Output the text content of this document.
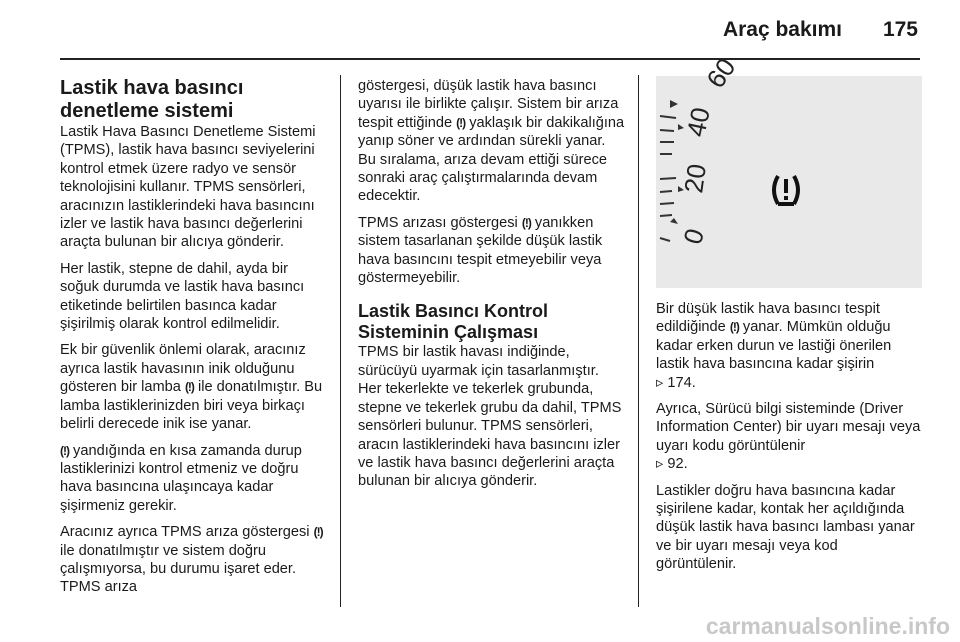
Araç bakımı 175
Lastik hava basıncı
denetleme sistemi

Lastik Hava Basıncı Denetleme Sistemi (TPMS), lastik hava basıncı seviyelerini kontrol etmek üzere radyo ve sensör teknolojisini kullanır. TPMS sensörleri, aracınızın lastiklerindeki hava basıncını izler ve lastik hava basıncı değerlerini araçta bulunan bir alıcıya gönderir.

Her lastik, stepne de dahil, ayda bir soğuk durumda ve lastik hava basıncı etiketinde belirtilen basınca kadar şişirilmiş olarak kontrol edilmelidir.

Ek bir güvenlik önlemi olarak, aracınız ayrıca lastik havasının inik olduğunu gösteren bir lamba (!) ile donatılmıştır. Bu lamba lastiklerinizden biri veya birkaçı belirli derecede inik ise yanar.

(!) yandığında en kısa zamanda durup lastiklerinizi kontrol etmeniz ve doğru hava basıncına ulaşıncaya kadar şişirmeniz gerekir.

Aracınız ayrıca TPMS arıza göstergesi (!) ile donatılmıştır ve sistem doğru çalışmıyorsa, bu durumu işaret eder. TPMS arıza

göstergesi, düşük lastik hava basıncı uyarısı ile birlikte çalışır. Sistem bir arıza tespit ettiğinde (!) yaklaşık bir dakikalığına yanıp söner ve ardından sürekli yanar. Bu sıralama, arıza devam ettiği sürece sonraki araç çalıştırmalarında devam edecektir.

TPMS arızası göstergesi (!) yanıkken sistem tasarlanan şekilde düşük lastik hava basıncını tespit etmeyebilir veya göstermeyebilir.

Lastik Basıncı Kontrol
Sisteminin Çalışması

TPMS bir lastik havası indiğinde, sürücüyü uyarmak için tasarlanmıştır. Her tekerlekte ve tekerlek grubunda, stepne ve tekerlek grubu da dahil, TPMS sensörleri bulunur. TPMS sensörleri, aracın lastiklerindeki hava basıncını izler ve lastik hava basıncı değerlerini araçta bulunan bir alıcıya gönderir.

0
20
40
60

Bir düşük lastik hava basıncı tespit edildiğinde (!) yanar. Mümkün olduğu kadar erken durun ve lastiği önerilen lastik hava basıncına kadar şişirin
▹ 174.

Ayrıca, Sürücü bilgi sisteminde (Driver Information Center) bir uyarı mesajı veya uyarı kodu görüntülenir
▹ 92.

Lastikler doğru hava basıncına kadar şişirilene kadar, kontak her açıldığında düşük lastik hava basıncı lambası yanar ve bir uyarı mesajı veya kod görüntülenir.

carmanualsonline.info
